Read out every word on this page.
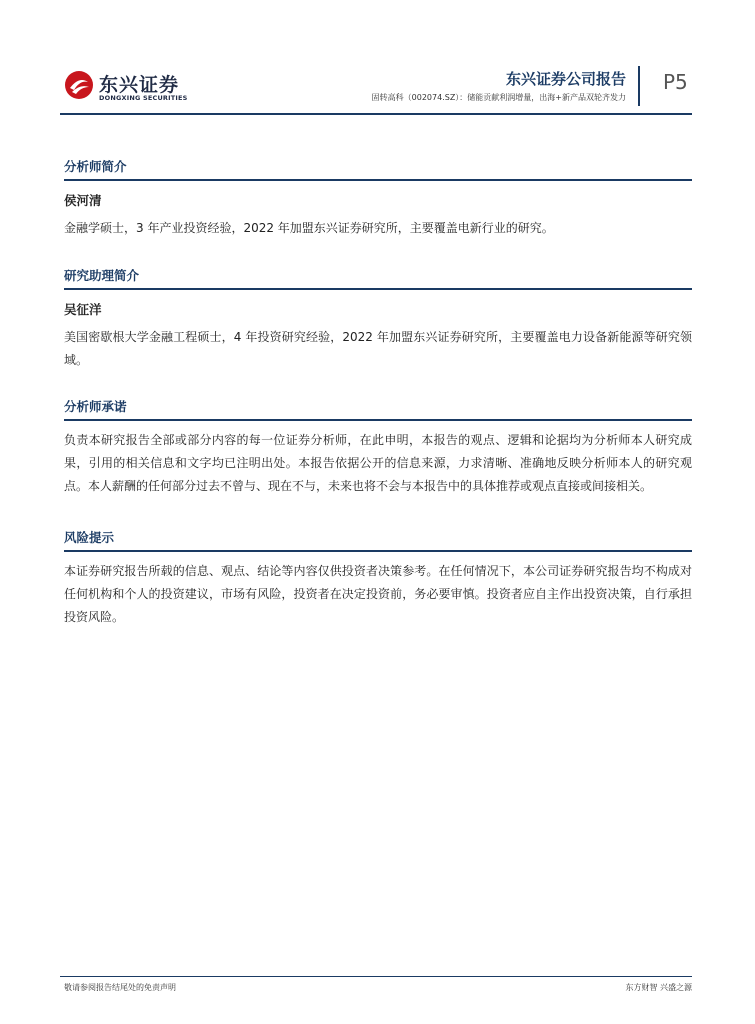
东兴证券
DONGXING SECURITIES
东兴证券公司报告
固转高科（002074.SZ）：储能贡献利润增量，出海+新产品双轮齐发力
P5
分析师简介
侯河清

金融学硕士，3 年产业投资经验，2022 年加盟东兴证券研究所，主要覆盖电新行业的研究。

研究助理简介
吴征洋

美国密歇根大学金融工程硕士，4 年投资研究经验，2022 年加盟东兴证券研究所，主要覆盖电力设备新能源等研究领域。

分析师承诺

负责本研究报告全部或部分内容的每一位证券分析师，在此申明，本报告的观点、逻辑和论据均为分析师本人研究成果，引用的相关信息和文字均已注明出处。本报告依据公开的信息来源，力求清晰、准确地反映分析师本人的研究观点。本人薪酬的任何部分过去不曾与、现在不与，未来也将不会与本报告中的具体推荐或观点直接或间接相关。

风险提示

本证券研究报告所载的信息、观点、结论等内容仅供投资者决策参考。在任何情况下，本公司证券研究报告均不构成对任何机构和个人的投资建议，市场有风险，投资者在决定投资前，务必要审慎。投资者应自主作出投资决策，自行承担投资风险。

敬请参阅报告结尾处的免责声明	东方财智 兴盛之源
